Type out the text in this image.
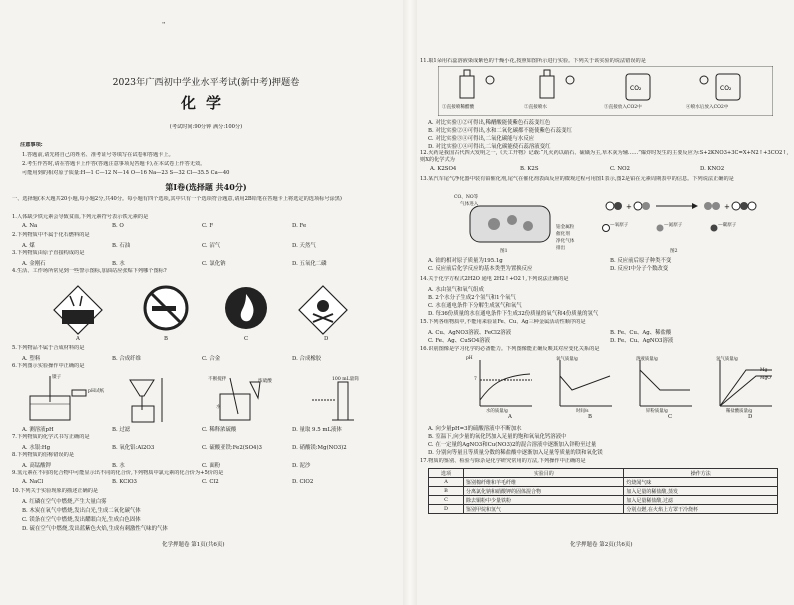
"
2023年广西初中学业水平考试(新中考)押题卷
化学
(考试时间:90分钟 满分:100分)
注意事项:
1.答题前,请先将自己的姓名、准考证号等填写在试卷和答题卡上。
2.考生作答时,请在答题卡上作答(答题注意事项见答题卡),在本试卷上作答无效。
可能用到的相对原子质量:H—1 C—12 N—14 O—16 Na—23 S—32 Cl—35.5 Ca—40
第Ⅰ卷(选择题 共40分)
一、选择题(本大题共20小题,每小题2分,共40分。每小题有四个选项,其中只有一个选项符合题意,请用2B铅笔在答题卡上将选定的选项标号涂黑)
1.人体缺少铁元素会导致贫血,下列元素符号表示铁元素的是
A. Na	B. O	C. F	D. Fe
2.下列物质中不属于化石燃料的是
A. 煤	B. 石油	C. 沼气	D. 天然气
3.下列物质由原子直接构成的是
A. 金刚石	B. 水	C. 氯化钠	D. 五氧化二磷
4.生活、工作场所常见到一些警示图标,加油站应张贴下列哪个图标?
A	B	C	D
5.下列物品不属于合成材料的是
A. 塑料	B. 合成纤维	C. 合金	D. 合成橡胶
6.下列图示实验操作中正确的是
镊子
pH试纸
不断搅拌	浓硫酸
水
100 mL量筒
A. 测溶液pH	B. 过滤	C. 稀释浓硫酸	D. 量取 9.5 mL液体
7.下列物质的化学式书写正确的是
A. 水银:Hg	B. 氧化铝:Al2O3	C. 硫酸亚铁:Fe2(SO4)3	D. 硝酸镁:Mg(NO3)2
8.下列物质的俗称错误的是
A. 高锰酸钾	B. 水	C. 面粉	D. 泥沙
9.氢元素在不同的化合物中可能显示出不同的化合价,下列物质中氯元素的化合价为+5价的是
A. NaCl	B. KClO3	C. Cl2	D. ClO2
10.下列关于实验现象的描述正确的是
A. 红磷在空气中燃烧,产生大量白雾
B. 木炭在氧气中燃烧,发出白光,生成二氧化碳气体
C. 镁条在空气中燃烧,发出耀眼白光,生成白色固体
D. 硫在空气中燃烧,发出蓝紫色火焰,生成有刺激性气味的气体
化学押题卷 第1页(共6页)
11.取1朵用石蕊溶液染成紫色的干燥小花,按照如图所示进行实验。下列关于该实验的说法错误的是
CO₂	CO₂
①直接喷稀醋酸	②直接喷水	③直接放入CO2中	④喷水后放入CO2中
A. 对比实验①②可得出,稀醋酸能使紫色石蕊变红色
B. 对比实验②④可得出,水和二氧化碳都不能使紫色石蕊变红
C. 对比实验③④可得出,二氧化碳能与水反应
D. 对比实验①④可得出,二氧化碳能使石蕊溶液变红
12.火药是我国古代四大发明之一,《天工开物》记载:“凡火药以硝石、硫磺为主,草木灰为辅……”爆炸时发生的主要反应为:S+2KNO3+3C=X+N2↑+3CO2↑,则X的化学式为
A. K2SO4	B. K2S	C. NO2	D. KNO2
13.某汽车尾气净化器中装有铂催化剂,尾气在催化剂表面反应的微观过程可用图1表示,图2是铂在元素周期表中的信息。下列说法正确的是
+	+
CO、NO等
气体进入
铂金属粒
催化剂
净化气体
排出
图1	图2
—氧原子	—氮原子	—碳原子
A. 铂的相对原子质量为195.1g	B. 反应前后原子种类不变
C. 反应前后化学反应的基本类型为置换反应	D. 反应Ⅰ中分子个数改变
14.关于化学方程式2H2O 通电 2H2↑+O2↑,下列说法正确的是
A. 水由氢气和氧气组成
B. 2个水分子生成2个氢气和1个氧气
C. 水在通电条件下分解生成氢气和氧气
D. 每36份质量的水在通电条件下生成32份质量的氧气和4份质量的氢气
15.下列各组物质中,不能用来验证Fe、Cu、Ag三种金属活动性顺序的是
A. Cu、AgNO3溶液、FeCl2溶液	B. Fe、Cu、Ag、稀盐酸
C. Fe、Ag、CuSO4溶液	D. Fe、Cu、AgNO3溶液
16.识别图像是学习化学的必备能力。下列图像能正确反映其对应变化关系的是
pH
7
水的质量/g
氧气质量/g
时间/s
溶液质量/g
锌粉质量/g
氢气质量/g
Mg
MgO
稀盐酸质量/g
A	B	C	D
A. 向少量pH=3的硫酸溶液中不断加水
B. 室温下,向少量的氧化钙加入足量的饱和氧氧化钙溶液中
C. 在一定量的AgNO3和Cu(NO3)2的混合溶液中逐渐加入锌粉至过量
D. 分别向等量且等质量分数的稀盐酸中逐渐加入足量等质量的镁和氧化镁
17.物质的鉴别、检验与除杂是化学研究常用的方法,下列操作中正确的是
选项	实验目的	操作方法
A	鉴别棉纤维和羊毛纤维	灼烧闻气味
B	分离氯化钠和硝酸钾的固体混合物	加入足量的稀盐酸,蒸发
C	除去铜粉中少量铁粉	加入足量稀盐酸,过滤
D	鉴别甲烷和氢气	分别点燃,在火焰上方罩干冷烧杯
化学押题卷 第2页(共6页)
